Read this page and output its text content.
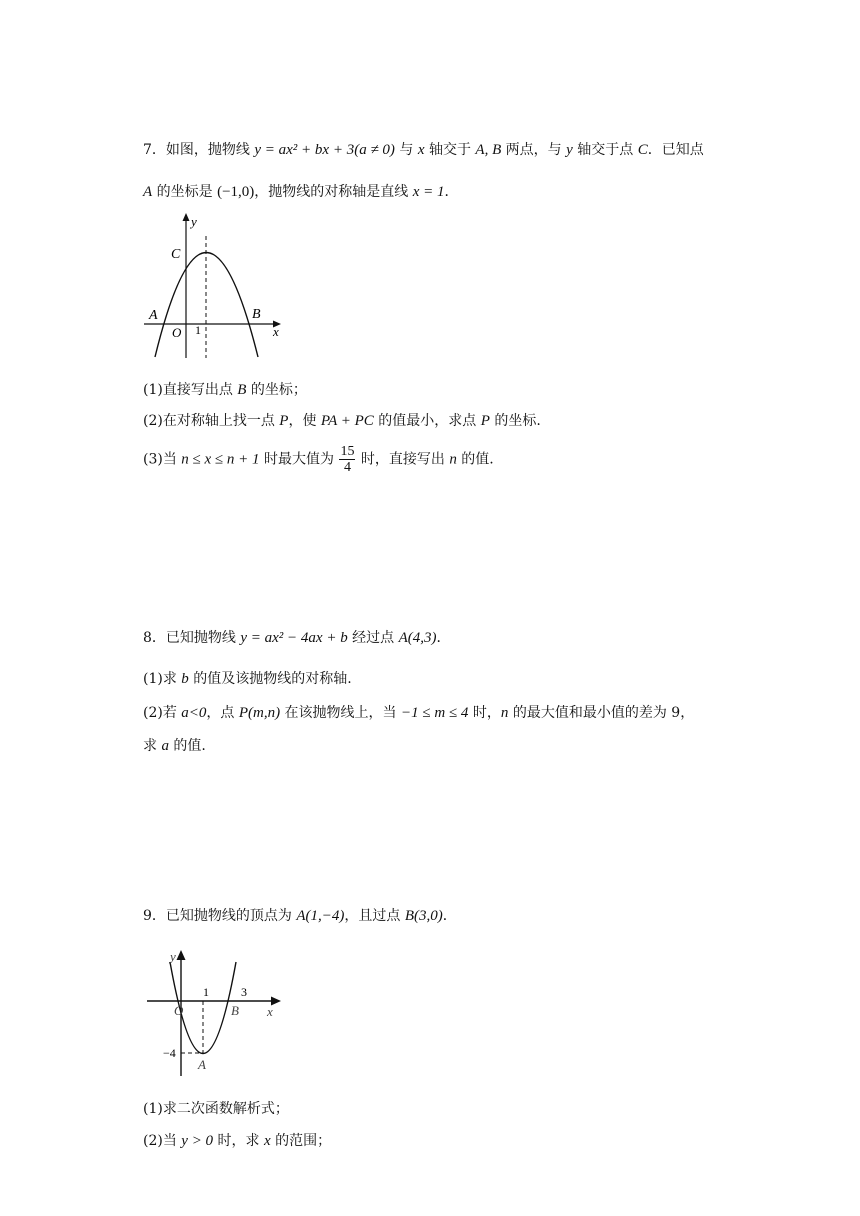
7．如图，抛物线 y = ax² + bx + 3(a ≠ 0) 与 x 轴交于 A, B 两点，与 y 轴交于点 C．已知点
A 的坐标是 (−1,0)，抛物线的对称轴是直线 x = 1．
y
x
C
A	B
O 1
(1)直接写出点 B 的坐标；
(2)在对称轴上找一点 P，使 PA + PC 的值最小，求点 P 的坐标.
(3)当 n ≤ x ≤ n + 1 时最大值为 $\frac{15}{4}$ 时，直接写出 n 的值.
8．已知抛物线 y = ax² − 4ax + b 经过点 A(4,3)．
(1)求 b 的值及该抛物线的对称轴.
(2)若 a<0，点 P(m,n) 在该抛物线上，当 −1 ≤ m ≤ 4 时，n 的最大值和最小值的差为 9，
求 a 的值.
9．已知抛物线的顶点为 A(1,−4)，且过点 B(3,0)．
y
x
1	3
O	B
−4
A
(1)求二次函数解析式；
(2)当 y > 0 时，求 x 的范围；
